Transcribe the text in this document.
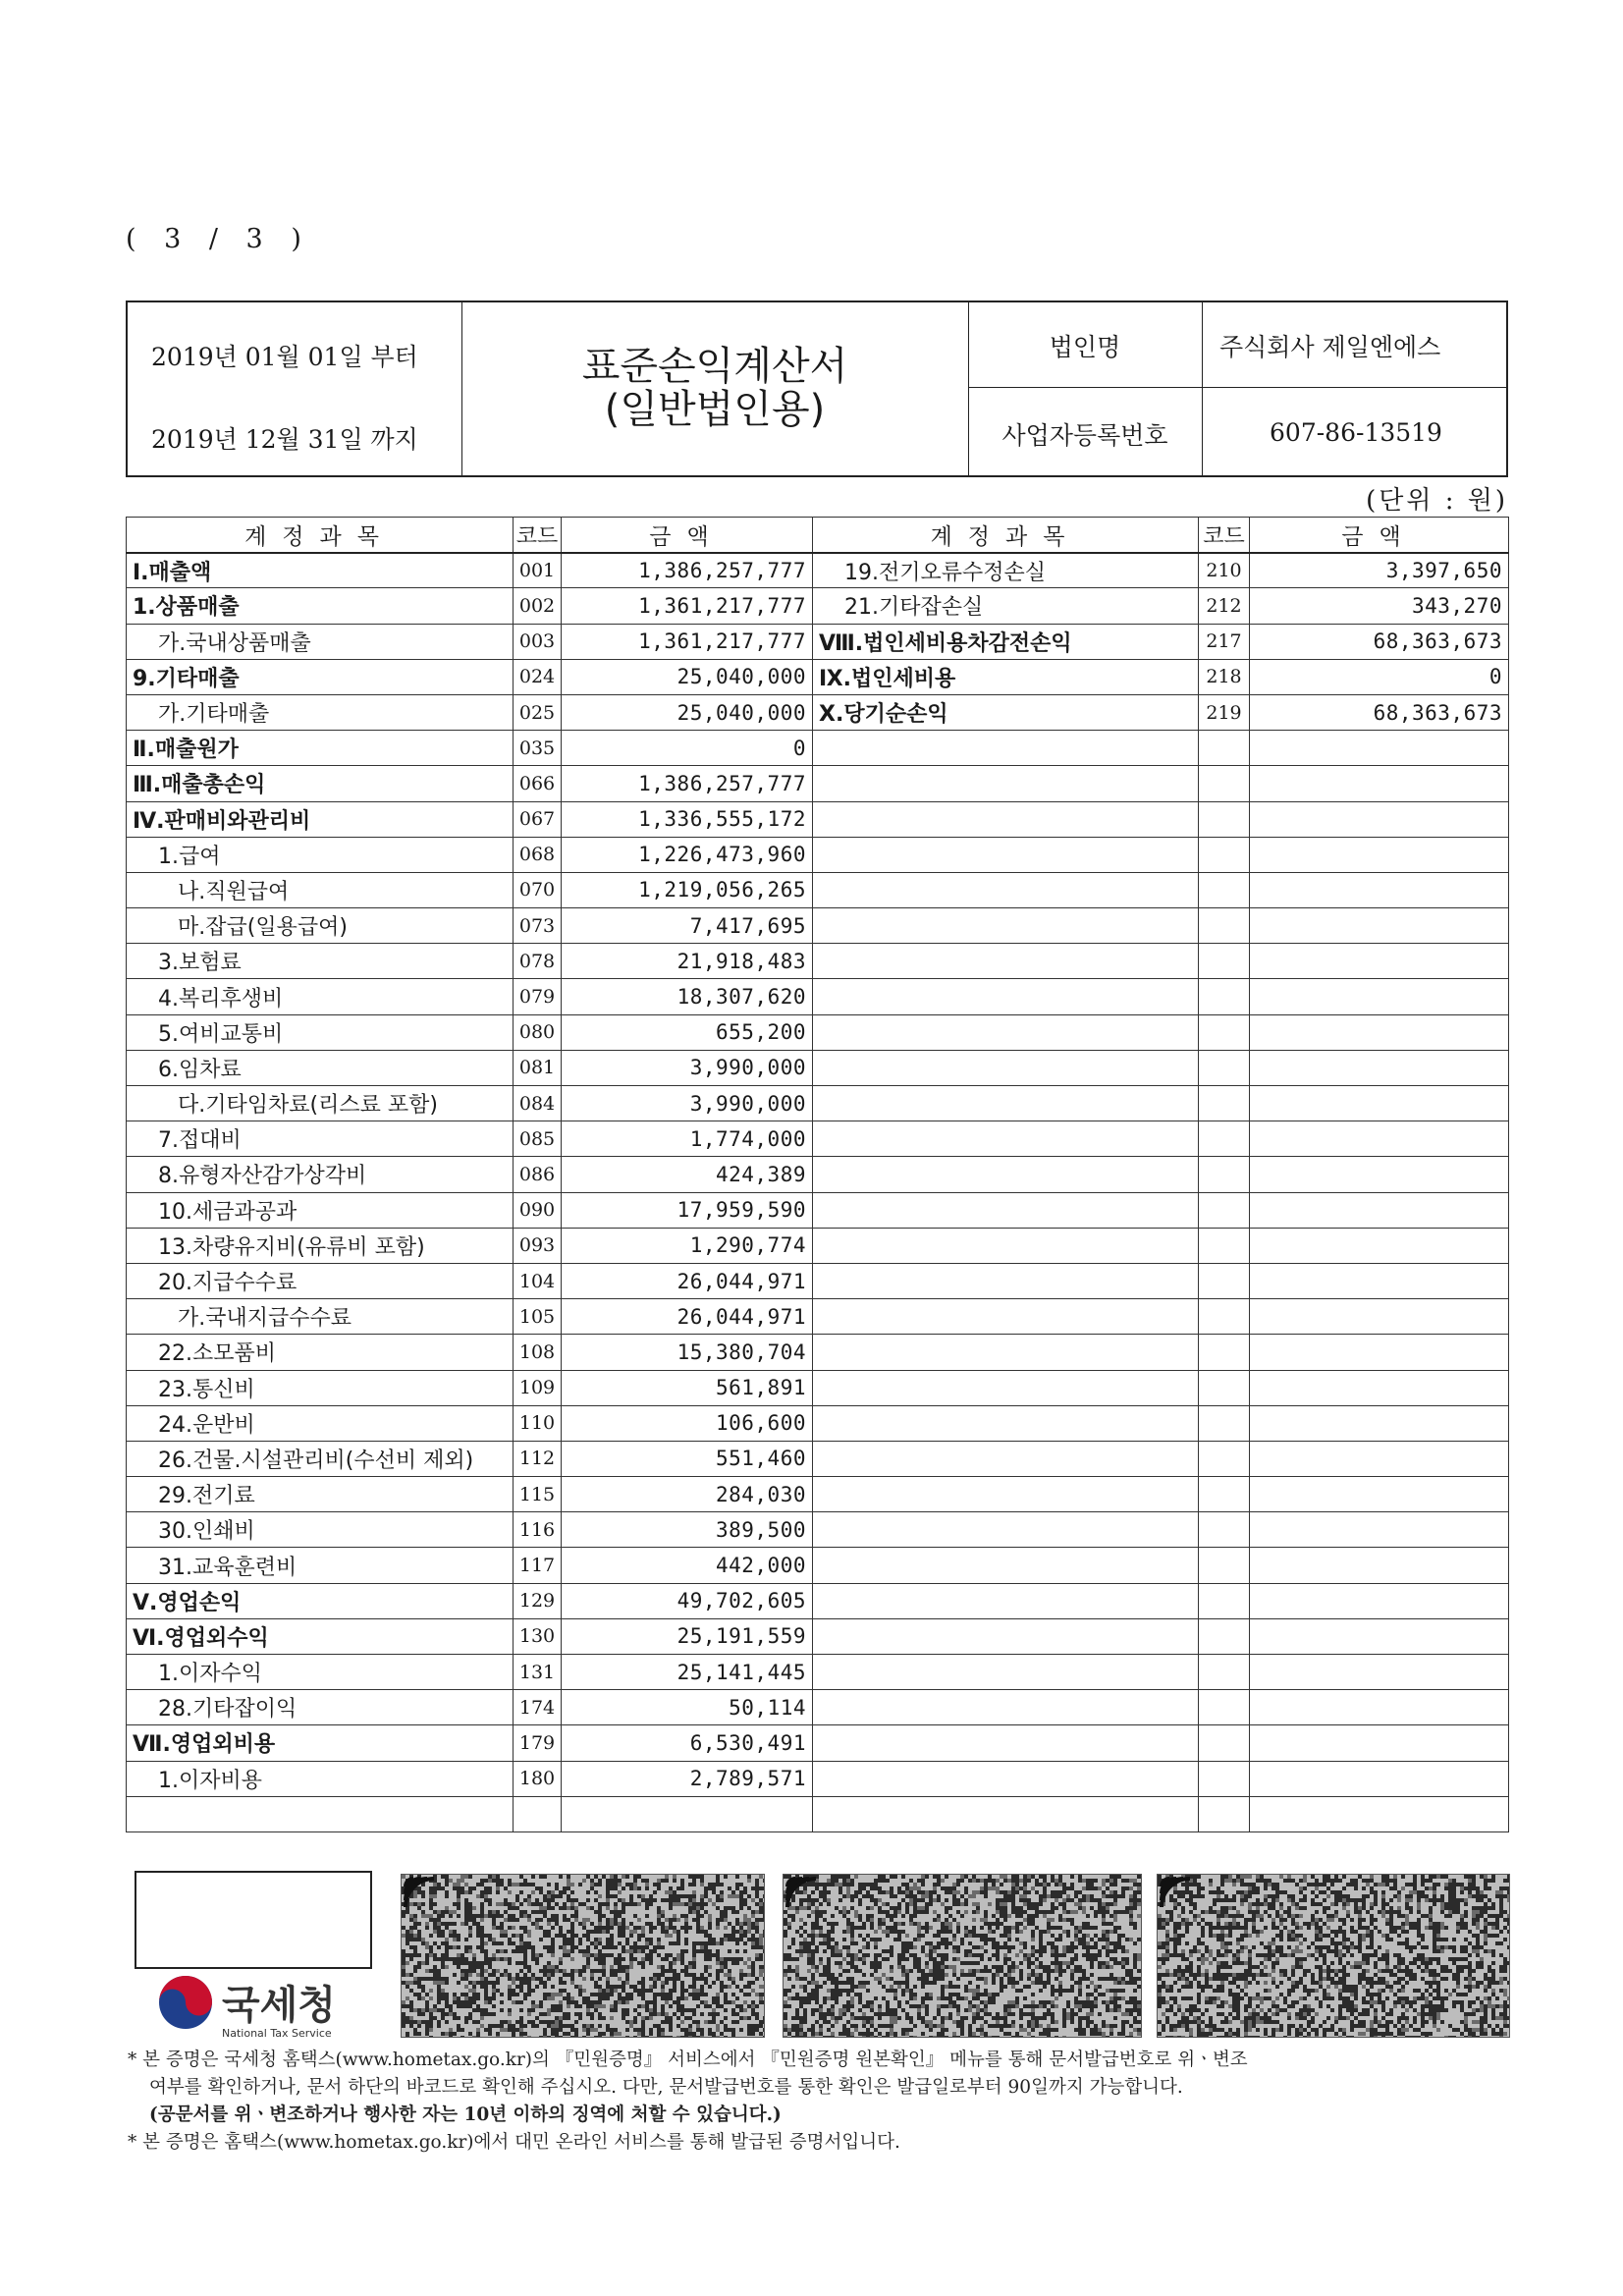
( 3 / 3 )
2019년 01월 01일 부터
2019년 12월 31일 까지
표준손익계산서
(일반법인용)
법인명	주식회사 제일엔에스
사업자등록번호	607-86-13519
(단위 : 원)
계정과목	코드	금액	계정과목	코드	금액
Ⅰ.매출액	001	1,386,257,777	19.전기오류수정손실	210	3,397,650
1.상품매출	002	1,361,217,777	21.기타잡손실	212	343,270
가.국내상품매출	003	1,361,217,777	Ⅷ.법인세비용차감전손익	217	68,363,673
9.기타매출	024	25,040,000	Ⅸ.법인세비용	218	0
가.기타매출	025	25,040,000	Ⅹ.당기순손익	219	68,363,673
Ⅱ.매출원가	035	0			
Ⅲ.매출총손익	066	1,386,257,777			
Ⅳ.판매비와관리비	067	1,336,555,172			
1.급여	068	1,226,473,960			
나.직원급여	070	1,219,056,265			
마.잡급(일용급여)	073	7,417,695			
3.보험료	078	21,918,483			
4.복리후생비	079	18,307,620			
5.여비교통비	080	655,200			
6.임차료	081	3,990,000			
다.기타임차료(리스료 포함)	084	3,990,000			
7.접대비	085	1,774,000			
8.유형자산감가상각비	086	424,389			
10.세금과공과	090	17,959,590			
13.차량유지비(유류비 포함)	093	1,290,774			
20.지급수수료	104	26,044,971			
가.국내지급수수료	105	26,044,971			
22.소모품비	108	15,380,704			
23.통신비	109	561,891			
24.운반비	110	106,600			
26.건물.시설관리비(수선비 제외)	112	551,460			
29.전기료	115	284,030			
30.인쇄비	116	389,500			
31.교육훈련비	117	442,000			
Ⅴ.영업손익	129	49,702,605			
Ⅵ.영업외수익	130	25,191,559			
1.이자수익	131	25,141,445			
28.기타잡이익	174	50,114			
Ⅶ.영업외비용	179	6,530,491			
1.이자비용	180	2,789,571			

국세청
National Tax Service

* 본 증명은 국세청 홈택스(www.hometax.go.kr)의 『민원증명』 서비스에서 『민원증명 원본확인』 메뉴를 통해 문서발급번호로 위ㆍ변조

여부를 확인하거나, 문서 하단의 바코드로 확인해 주십시오. 다만, 문서발급번호를 통한 확인은 발급일로부터 90일까지 가능합니다.

(공문서를 위ㆍ변조하거나 행사한 자는 10년 이하의 징역에 처할 수 있습니다.)

* 본 증명은 홈택스(www.hometax.go.kr)에서 대민 온라인 서비스를 통해 발급된 증명서입니다.
